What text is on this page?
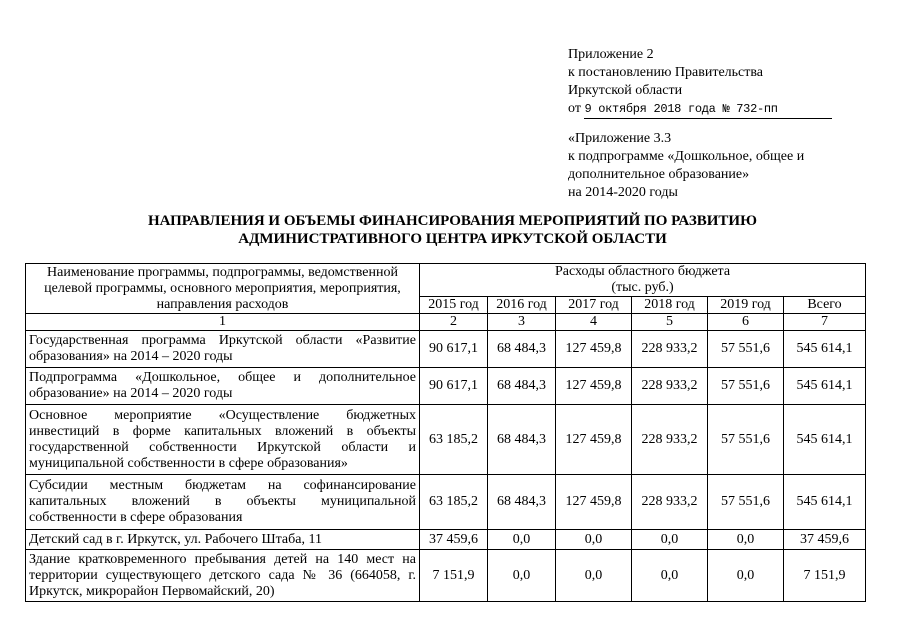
Приложение 2
к постановлению Правительства
Иркутской области
от 9 октября 2018 года № 732-пп
«Приложение 3.3
к подпрограмме «Дошкольное, общее и
дополнительное образование»
на 2014-2020 годы
НАПРАВЛЕНИЯ И ОБЪЕМЫ ФИНАНСИРОВАНИЯ МЕРОПРИЯТИЙ ПО РАЗВИТИЮ
АДМИНИСТРАТИВНОГО ЦЕНТРА ИРКУТСКОЙ ОБЛАСТИ
Наименование программы, подпрограммы, ведомственной целевой программы, основного мероприятия, мероприятия, направления расходов	Расходы областного бюджета
(тыс. руб.)					

	2015 год	2016 год	2017 год	2018 год	2019 год	Всего
1	2	3	4	5	6	7
Государственная программа Иркутской области «Развитие образования» на 2014 – 2020 годы	90 617,1	68 484,3	127 459,8	228 933,2	57 551,6	545 614,1
Подпрограмма «Дошкольное, общее и дополнительное образование» на 2014 – 2020 годы	90 617,1	68 484,3	127 459,8	228 933,2	57 551,6	545 614,1
Основное мероприятие «Осуществление бюджетных инвестиций в форме капитальных вложений в объекты государственной собственности Иркутской области и муниципальной собственности в сфере образования»	63 185,2	68 484,3	127 459,8	228 933,2	57 551,6	545 614,1
Субсидии местным бюджетам на софинансирование капитальных вложений в объекты муниципальной собственности в сфере образования	63 185,2	68 484,3	127 459,8	228 933,2	57 551,6	545 614,1
Детский сад в г. Иркутск, ул. Рабочего Штаба, 11	37 459,6	0,0	0,0	0,0	0,0	37 459,6
Здание кратковременного пребывания детей на 140 мест на территории существующего детского сада № 36 (664058, г. Иркутск, микрорайон Первомайский, 20)	7 151,9	0,0	0,0	0,0	0,0	7 151,9
